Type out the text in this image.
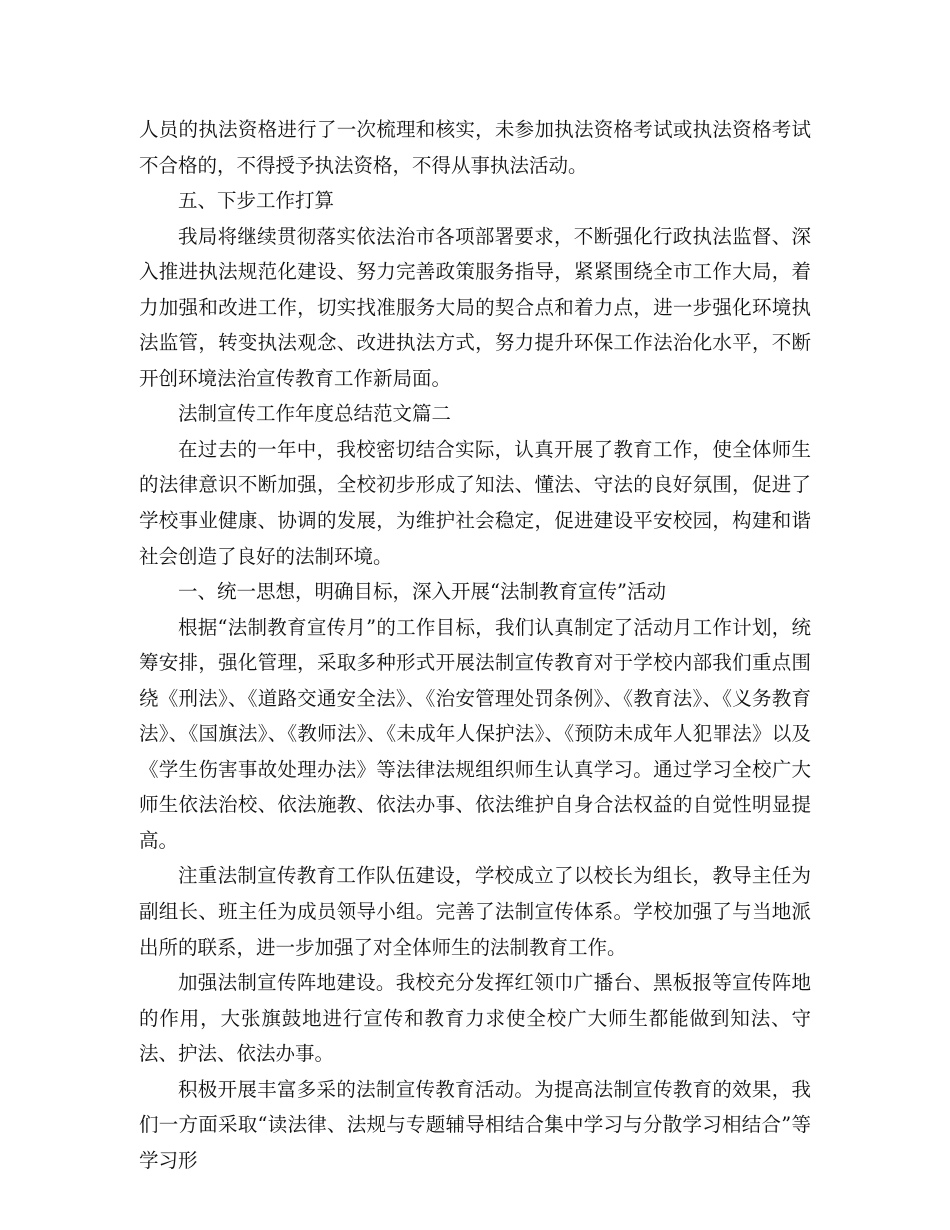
人员的执法资格进行了一次梳理和核实，未参加执法资格考试或执法资格考试不合格的，不得授予执法资格，不得从事执法活动。

五、下步工作打算

我局将继续贯彻落实依法治市各项部署要求，不断强化行政执法监督、深入推进执法规范化建设、努力完善政策服务指导，紧紧围绕全市工作大局，着力加强和改进工作，切实找准服务大局的契合点和着力点，进一步强化环境执法监管，转变执法观念、改进执法方式，努力提升环保工作法治化水平，不断开创环境法治宣传教育工作新局面。

法制宣传工作年度总结范文篇二

在过去的一年中，我校密切结合实际，认真开展了教育工作，使全体师生的法律意识不断加强，全校初步形成了知法、懂法、守法的良好氛围，促进了学校事业健康、协调的发展，为维护社会稳定，促进建设平安校园，构建和谐社会创造了良好的法制环境。

一、统一思想，明确目标，深入开展“法制教育宣传”活动

根据“法制教育宣传月”的工作目标，我们认真制定了活动月工作计划，统筹安排，强化管理，采取多种形式开展法制宣传教育对于学校内部我们重点围绕《刑法》、《道路交通安全法》、《治安管理处罚条例》、《教育法》、《义务教育法》、《国旗法》、《教师法》、《未成年人保护法》、《预防未成年人犯罪法》以及《学生伤害事故处理办法》等法律法规组织师生认真学习。通过学习全校广大师生依法治校、依法施教、依法办事、依法维护自身合法权益的自觉性明显提高。

注重法制宣传教育工作队伍建设，学校成立了以校长为组长，教导主任为副组长、班主任为成员领导小组。完善了法制宣传体系。学校加强了与当地派出所的联系，进一步加强了对全体师生的法制教育工作。

加强法制宣传阵地建设。我校充分发挥红领巾广播台、黑板报等宣传阵地的作用，大张旗鼓地进行宣传和教育力求使全校广大师生都能做到知法、守法、护法、依法办事。

积极开展丰富多采的法制宣传教育活动。为提高法制宣传教育的效果，我们一方面采取“读法律、法规与专题辅导相结合集中学习与分散学习相结合”等学习形
